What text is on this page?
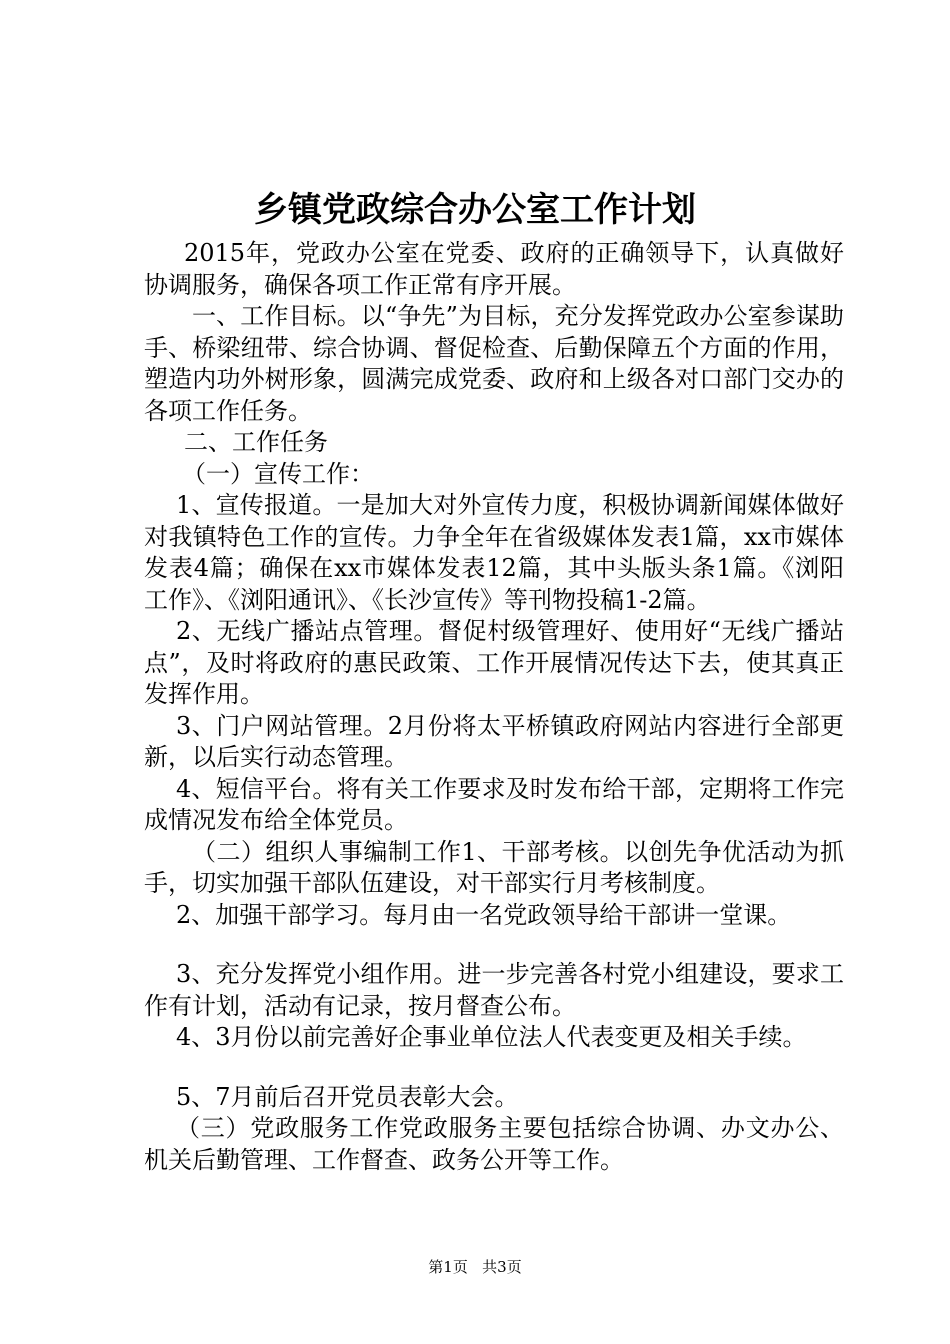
乡镇党政综合办公室工作计划

2015年，党政办公室在党委、政府的正确领导下，认真做好协调服务，确保各项工作正常有序开展。

一、工作目标。以“争先”为目标，充分发挥党政办公室参谋助手、桥梁纽带、综合协调、督促检查、后勤保障五个方面的作用，塑造内功外树形象，圆满完成党委、政府和上级各对口部门交办的各项工作任务。

二、工作任务

（一）宣传工作：

1、宣传报道。一是加大对外宣传力度，积极协调新闻媒体做好对我镇特色工作的宣传。力争全年在省级媒体发表1篇，xx市媒体发表4篇；确保在xx市媒体发表12篇，其中头版头条1篇。《浏阳工作》、《浏阳通讯》、《长沙宣传》等刊物投稿1-2篇。

2、无线广播站点管理。督促村级管理好、使用好“无线广播站点”，及时将政府的惠民政策、工作开展情况传达下去，使其真正发挥作用。

3、门户网站管理。2月份将太平桥镇政府网站内容进行全部更新，以后实行动态管理。

4、短信平台。将有关工作要求及时发布给干部，定期将工作完成情况发布给全体党员。

（二）组织人事编制工作1、干部考核。以创先争优活动为抓手，切实加强干部队伍建设，对干部实行月考核制度。

2、加强干部学习。每月由一名党政领导给干部讲一堂课。

3、充分发挥党小组作用。进一步完善各村党小组建设，要求工作有计划，活动有记录，按月督查公布。

4、3月份以前完善好企事业单位法人代表变更及相关手续。

5、7月前后召开党员表彰大会。

（三）党政服务工作党政服务主要包括综合协调、办文办公、机关后勤管理、工作督查、政务公开等工作。

第1页 共3页
